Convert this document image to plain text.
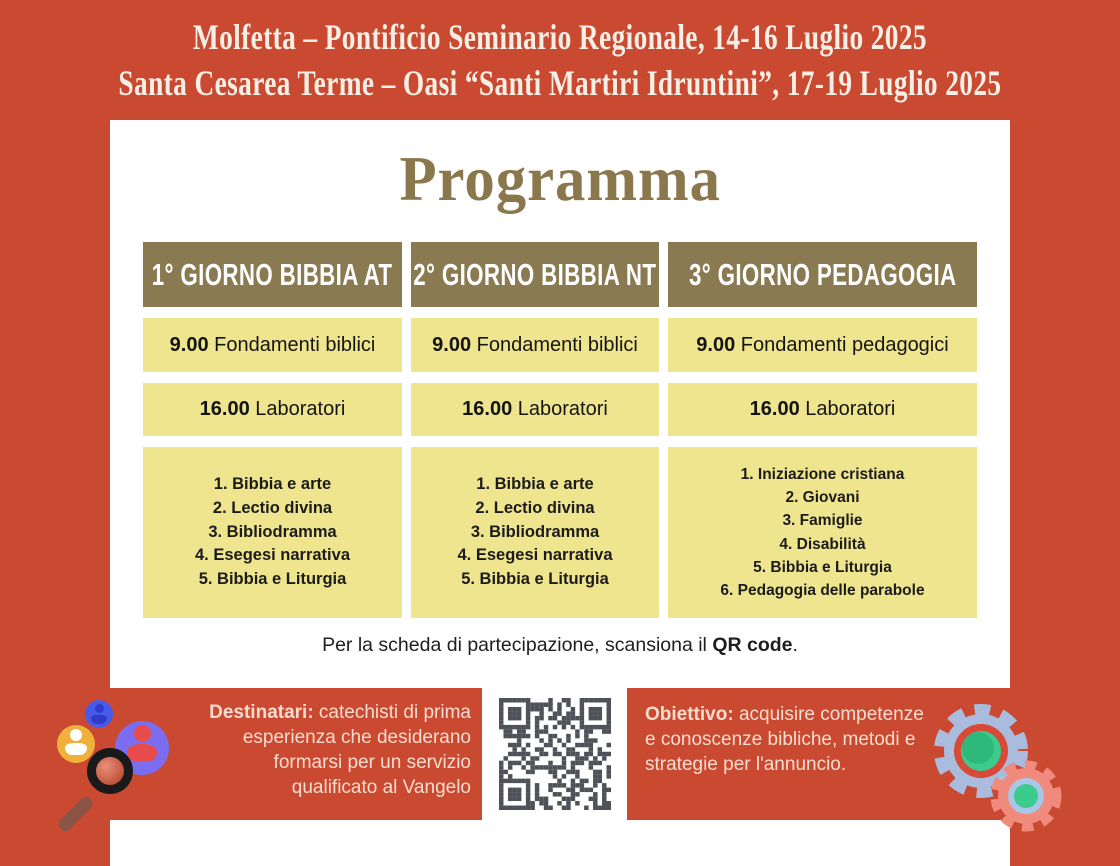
Molfetta – Pontificio Seminario Regionale, 14-16 Luglio 2025
Santa Cesarea Terme – Oasi “Santi Martiri Idruntini”, 17-19 Luglio 2025
Programma
1° GIORNO BIBBIA AT 2° GIORNO BIBBIA NT 3° GIORNO PEDAGOGIA
9.00 Fondamenti biblici	9.00 Fondamenti biblici	9.00 Fondamenti pedagogici
16.00 Laboratori	16.00 Laboratori	16.00 Laboratori
1. Bibbia e arte
2. Lectio divina
3. Bibliodramma
4. Esegesi narrativa
5. Bibbia e Liturgia
1. Bibbia e arte
2. Lectio divina
3. Bibliodramma
4. Esegesi narrativa
5. Bibbia e Liturgia
1. Iniziazione cristiana
2. Giovani
3. Famiglie
4. Disabilità
5. Bibbia e Liturgia
6. Pedagogia delle parabole
Per la scheda di partecipazione, scansiona il QR code.
Destinatari: catechisti di prima esperienza che desiderano formarsi per un servizio qualificato al Vangelo
Obiettivo: acquisire competenze e conoscenze bibliche, metodi e strategie per l'annuncio.
